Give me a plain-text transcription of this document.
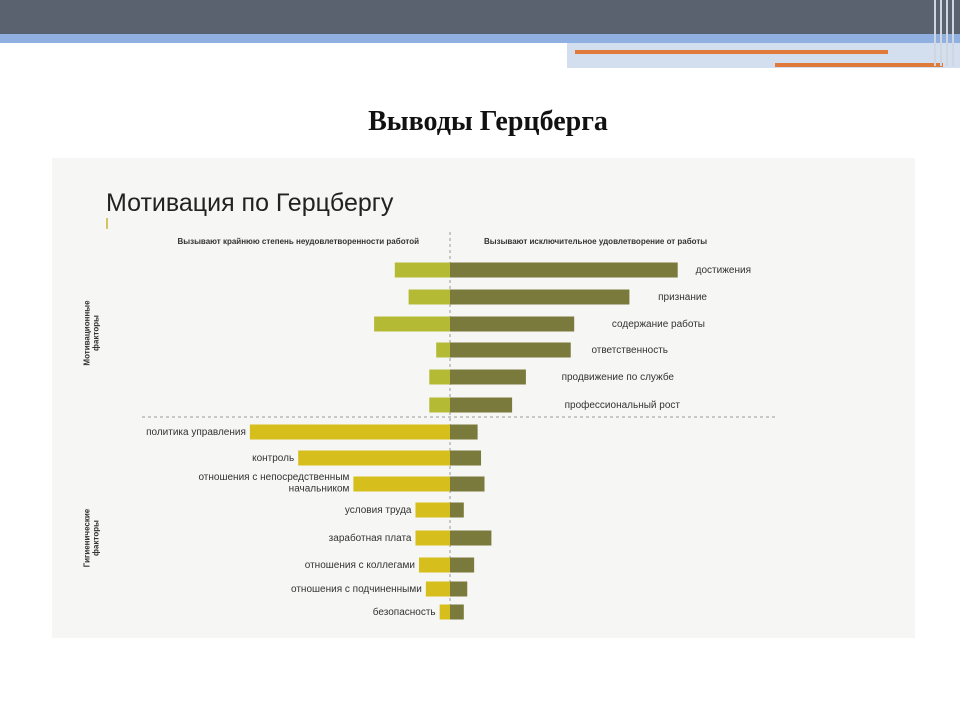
Выводы Герцберга
Мотивация по Герцбергу
Вызывают крайнюю степень неудовлетворенности работой	Вызывают исключительное удовлетворение от работы
Мотивационныефакторы
Гигиеническиефакторы
достижения
признание
содержание работы
ответственность
продвижение по службе
профессиональный рост
политика управления
контроль
отношения с непосредственным начальником
условия труда
заработная плата
отношения с коллегами
отношения с подчиненными
безопасность
